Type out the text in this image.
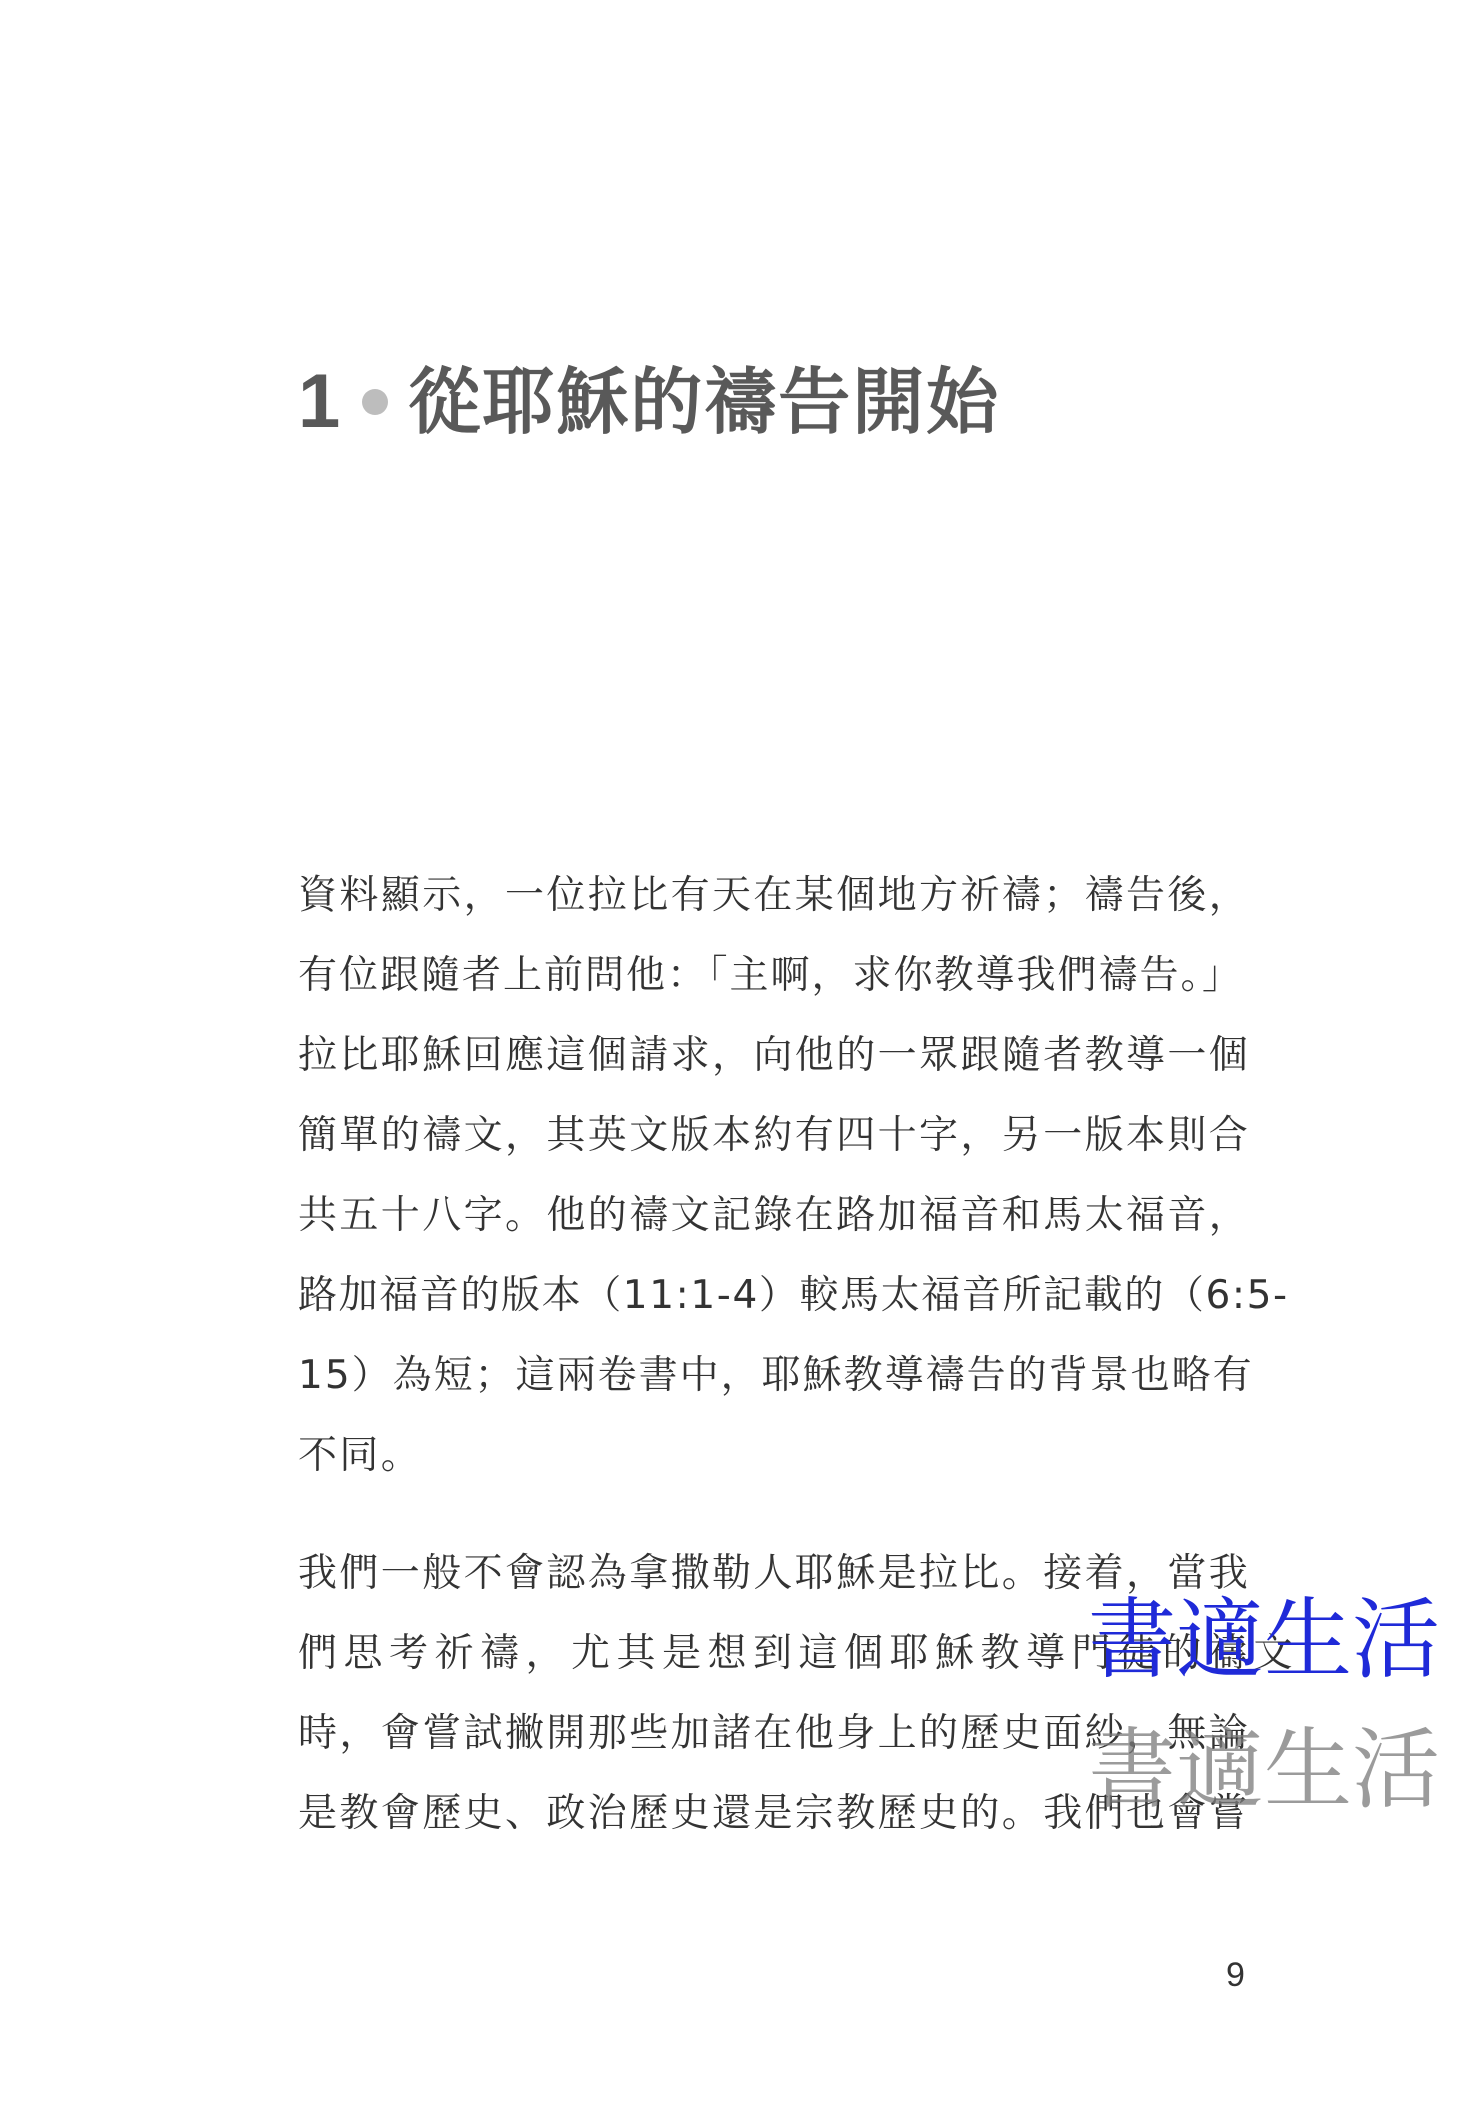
1 從耶穌的禱告開始
資料顯示，一位拉比有天在某個地方祈禱；禱告後，
有位跟隨者上前問他：「主啊，求你教導我們禱告。」
拉比耶穌回應這個請求，向他的一眾跟隨者教導一個
簡單的禱文，其英文版本約有四十字，另一版本則合
共五十八字。他的禱文記錄在路加福音和馬太福音，
路加福音的版本（11:1-4）較馬太福音所記載的（6:5-
15）為短；這兩卷書中，耶穌教導禱告的背景也略有
不同。
我們一般不會認為拿撒勒人耶穌是拉比。接着，當我
們思考祈禱，尤其是想到這個耶穌教導門徒的禱文
時，會嘗試撇開那些加諸在他身上的歷史面紗，無論
是教會歷史、政治歷史還是宗教歷史的。我們也會嘗
書適生活
書適生活
9
